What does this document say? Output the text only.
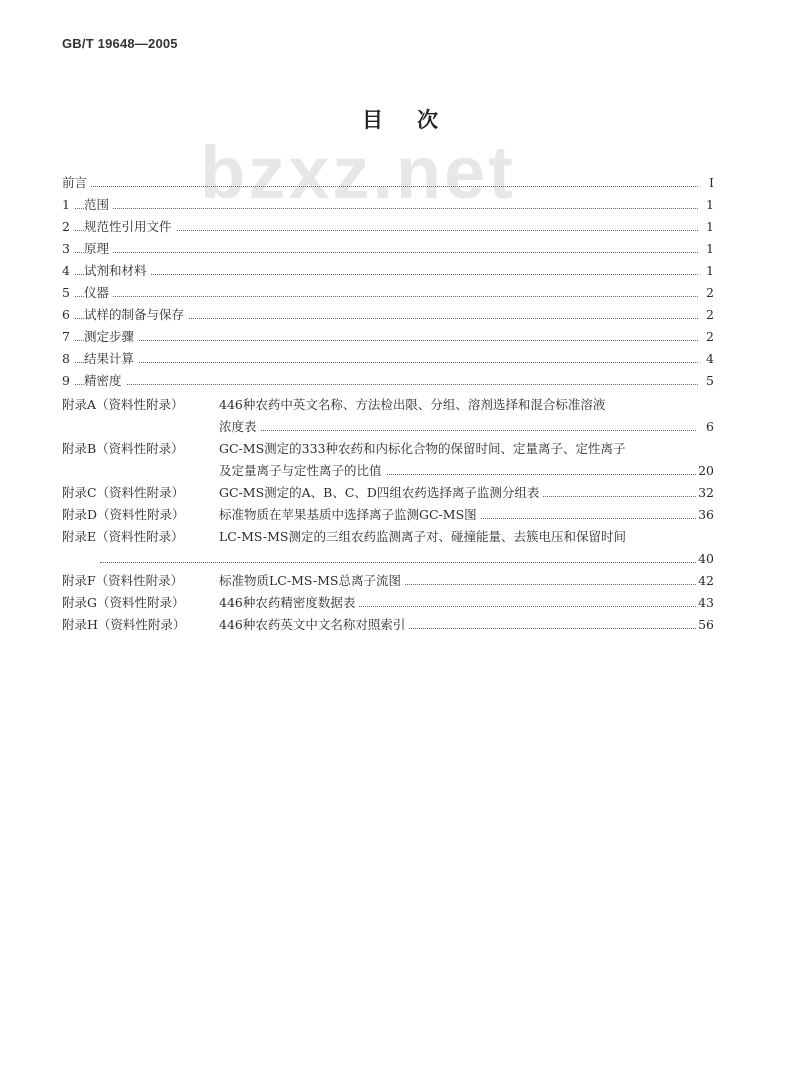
GB/T 19648—2005
bzxz.net
目次
前言	I
1	范围	1
2	规范性引用文件	1
3	原理	1
4	试剂和材料	1
5	仪器	2
6	试样的制备与保存	2
7	测定步骤	2
8	结果计算	4
9	精密度	5
附录A（资料性附录）	446种农药中英文名称、方法检出限、分组、溶剂选择和混合标准溶液
浓度表	6
附录B（资料性附录）	GC-MS测定的333种农药和内标化合物的保留时间、定量离子、定性离子
及定量离子与定性离子的比值	20
附录C（资料性附录）	GC-MS测定的A、B、C、D四组农药选择离子监测分组表	32
附录D（资料性附录）	标准物质在苹果基质中选择离子监测GC-MS图	36
附录E（资料性附录）	LC-MS-MS测定的三组农药监测离子对、碰撞能量、去簇电压和保留时间
40
附录F（资料性附录）	标准物质LC-MS-MS总离子流图	42
附录G（资料性附录）	446种农药精密度数据表	43
附录H（资料性附录）	446种农药英文中文名称对照索引	56
